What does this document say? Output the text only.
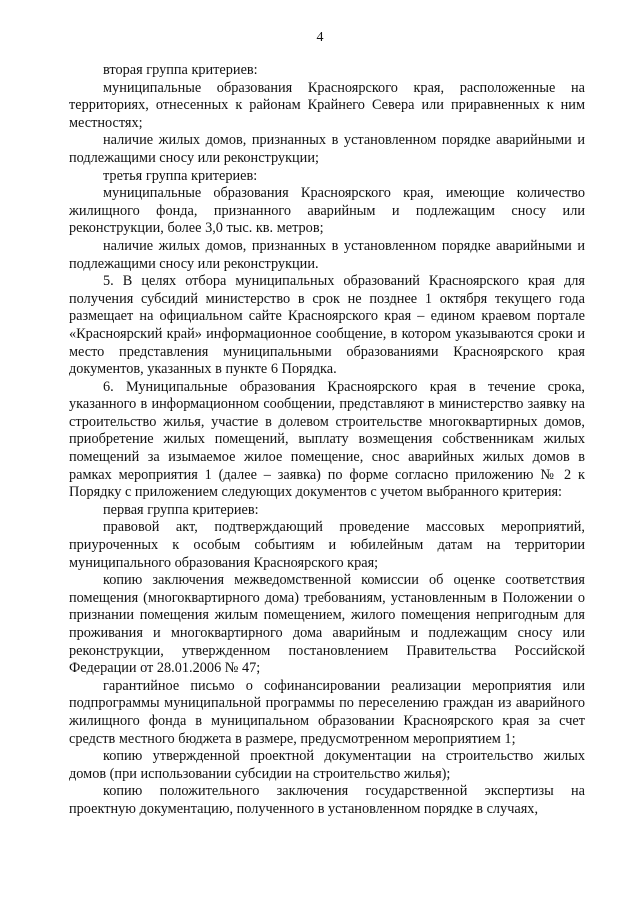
4

вторая группа критериев:

муниципальные образования Красноярского края, расположенные на территориях, отнесенных к районам Крайнего Севера или приравненных к ним местностях;

наличие жилых домов, признанных в установленном порядке аварийными и подлежащими сносу или реконструкции;

третья группа критериев:

муниципальные образования Красноярского края, имеющие количество жилищного фонда, признанного аварийным и подлежащим сносу или реконструкции, более 3,0 тыс. кв. метров;

наличие жилых домов, признанных в установленном порядке аварийными и подлежащими сносу или реконструкции.

5. В целях отбора муниципальных образований Красноярского края для получения субсидий министерство в срок не позднее 1 октября текущего года размещает на официальном сайте Красноярского края – едином краевом портале «Красноярский край» информационное сообщение, в котором указываются сроки и место представления муниципальными образованиями Красноярского края документов, указанных в пункте 6 Порядка.

6. Муниципальные образования Красноярского края в течение срока, указанного в информационном сообщении, представляют в министерство заявку на строительство жилья, участие в долевом строительстве многоквартирных домов, приобретение жилых помещений, выплату возмещения собственникам жилых помещений за изымаемое жилое помещение, снос аварийных жилых домов в рамках мероприятия 1 (далее – заявка) по форме согласно приложению № 2 к Порядку с приложением следующих документов с учетом выбранного критерия:

первая группа критериев:

правовой акт, подтверждающий проведение массовых мероприятий, приуроченных к особым событиям и юбилейным датам на территории муниципального образования Красноярского края;

копию заключения межведомственной комиссии об оценке соответствия помещения (многоквартирного дома) требованиям, установленным в Положении о признании помещения жилым помещением, жилого помещения непригодным для проживания и многоквартирного дома аварийным и подлежащим сносу или реконструкции, утвержденном постановлением Правительства Российской Федерации от 28.01.2006 № 47;

гарантийное письмо о софинансировании реализации мероприятия или подпрограммы муниципальной программы по переселению граждан из аварийного жилищного фонда в муниципальном образовании Красноярского края за счет средств местного бюджета в размере, предусмотренном мероприятием 1;

копию утвержденной проектной документации на строительство жилых домов (при использовании субсидии на строительство жилья);

копию положительного заключения государственной экспертизы на проектную документацию, полученного в установленном порядке в случаях,
